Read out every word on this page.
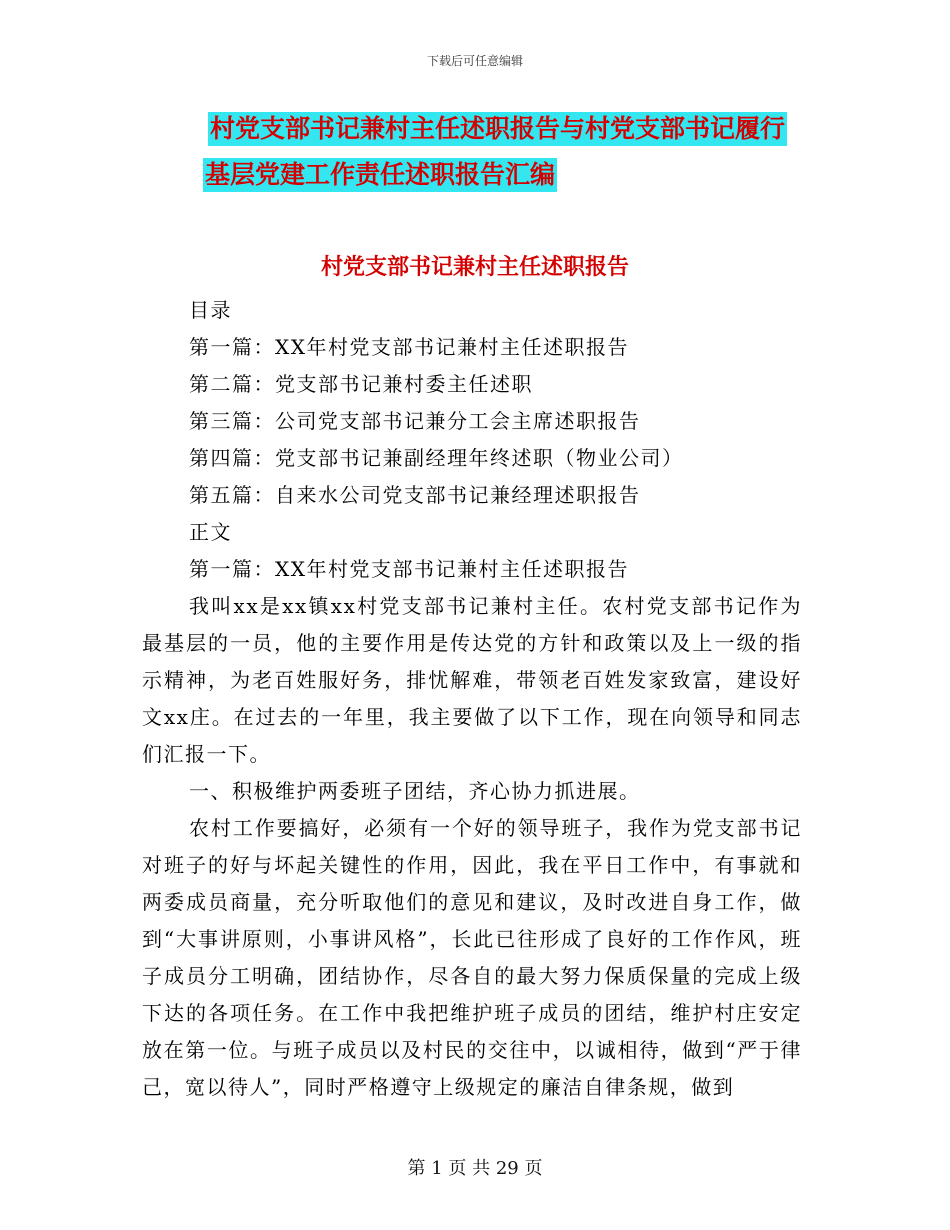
下载后可任意编辑
村党支部书记兼村主任述职报告与村党支部书记履行
基层党建工作责任述职报告汇编
村党支部书记兼村主任述职报告

目录

第一篇：XX年村党支部书记兼村主任述职报告

第二篇：党支部书记兼村委主任述职

第三篇：公司党支部书记兼分工会主席述职报告

第四篇：党支部书记兼副经理年终述职（物业公司）

第五篇：自来水公司党支部书记兼经理述职报告

正文

第一篇：XX年村党支部书记兼村主任述职报告

我叫xx是xx镇xx村党支部书记兼村主任。农村党支部书记作为最基层的一员，他的主要作用是传达党的方针和政策以及上一级的指示精神，为老百姓服好务，排忧解难，带领老百姓发家致富，建设好文xx庄。在过去的一年里，我主要做了以下工作，现在向领导和同志们汇报一下。

一、积极维护两委班子团结，齐心协力抓进展。

农村工作要搞好，必须有一个好的领导班子，我作为党支部书记对班子的好与坏起关键性的作用，因此，我在平日工作中，有事就和两委成员商量，充分听取他们的意见和建议，及时改进自身工作，做到“大事讲原则，小事讲风格”，长此已往形成了良好的工作作风，班子成员分工明确，团结协作，尽各自的最大努力保质保量的完成上级下达的各项任务。在工作中我把维护班子成员的团结，维护村庄安定放在第一位。与班子成员以及村民的交往中，以诚相待，做到“严于律己，宽以待人”，同时严格遵守上级规定的廉洁自律条规，做到

第 1 页 共 29 页
